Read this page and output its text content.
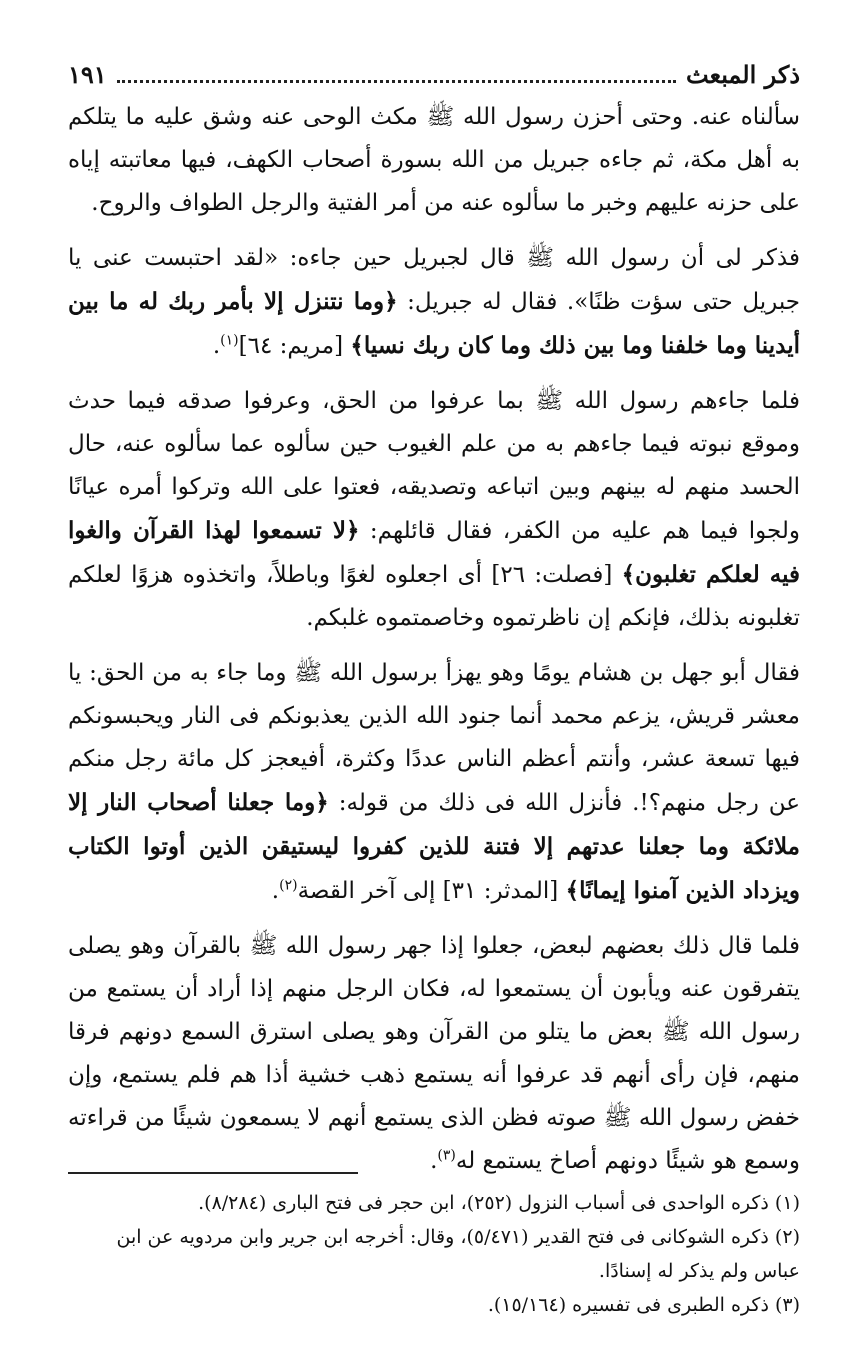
ذكر المبعث
١٩١

سألناه عنه. وحتى أحزن رسول الله ﷺ مكث الوحى عنه وشق عليه ما يتلكم به أهل مكة، ثم جاءه جبريل من الله بسورة أصحاب الكهف، فيها معاتبته إياه على حزنه عليهم وخبر ما سألوه عنه من أمر الفتية والرجل الطواف والروح.

فذكر لى أن رسول الله ﷺ قال لجبريل حين جاءه: «لقد احتبست عنى يا جبريل حتى سؤت ظنًا». فقال له جبريل: ﴿وما نتنزل إلا بأمر ربك له ما بين أيدينا وما خلفنا وما بين ذلك وما كان ربك نسيا﴾ [مريم: ٦٤]$^{(١)}$.

فلما جاءهم رسول الله ﷺ بما عرفوا من الحق، وعرفوا صدقه فيما حدث وموقع نبوته فيما جاءهم به من علم الغيوب حين سألوه عما سألوه عنه، حال الحسد منهم له بينهم وبين اتباعه وتصديقه، فعتوا على الله وتركوا أمره عيانًا ولجوا فيما هم عليه من الكفر، فقال قائلهم: ﴿لا تسمعوا لهذا القرآن والغوا فيه لعلكم تغلبون﴾ [فصلت: ٢٦] أى اجعلوه لغوًا وباطلاً، واتخذوه هزوًا لعلكم تغلبونه بذلك، فإنكم إن ناظرتموه وخاصمتموه غلبكم.

فقال أبو جهل بن هشام يومًا وهو يهزأ برسول الله ﷺ وما جاء به من الحق: يا معشر قريش، يزعم محمد أنما جنود الله الذين يعذبونكم فى النار ويحبسونكم فيها تسعة عشر، وأنتم أعظم الناس عددًا وكثرة، أفيعجز كل مائة رجل منكم عن رجل منهم؟!. فأنزل الله فى ذلك من قوله: ﴿وما جعلنا أصحاب النار إلا ملائكة وما جعلنا عدتهم إلا فتنة للذين كفروا ليستيقن الذين أوتوا الكتاب ويزداد الذين آمنوا إيمانًا﴾ [المدثر: ٣١] إلى آخر القصة$^{(٢)}$.

فلما قال ذلك بعضهم لبعض، جعلوا إذا جهر رسول الله ﷺ بالقرآن وهو يصلى يتفرقون عنه ويأبون أن يستمعوا له، فكان الرجل منهم إذا أراد أن يستمع من رسول الله ﷺ بعض ما يتلو من القرآن وهو يصلى استرق السمع دونهم فرقا منهم، فإن رأى أنهم قد عرفوا أنه يستمع ذهب خشية أذا هم فلم يستمع، وإن خفض رسول الله ﷺ صوته فظن الذى يستمع أنهم لا يسمعون شيئًا من قراءته وسمع هو شيئًا دونهم أصاخ يستمع له$^{(٣)}$.

(١) ذكره الواحدى فى أسباب النزول (٢٥٢)، ابن حجر فى فتح البارى (٨/٢٨٤).
(٢) ذكره الشوكانى فى فتح القدير (٥/٤٧١)، وقال: أخرجه ابن جرير وابن مردويه عن ابن
عباس ولم يذكر له إسنادًا.
(٣) ذكره الطبرى فى تفسيره (١٥/١٦٤).
